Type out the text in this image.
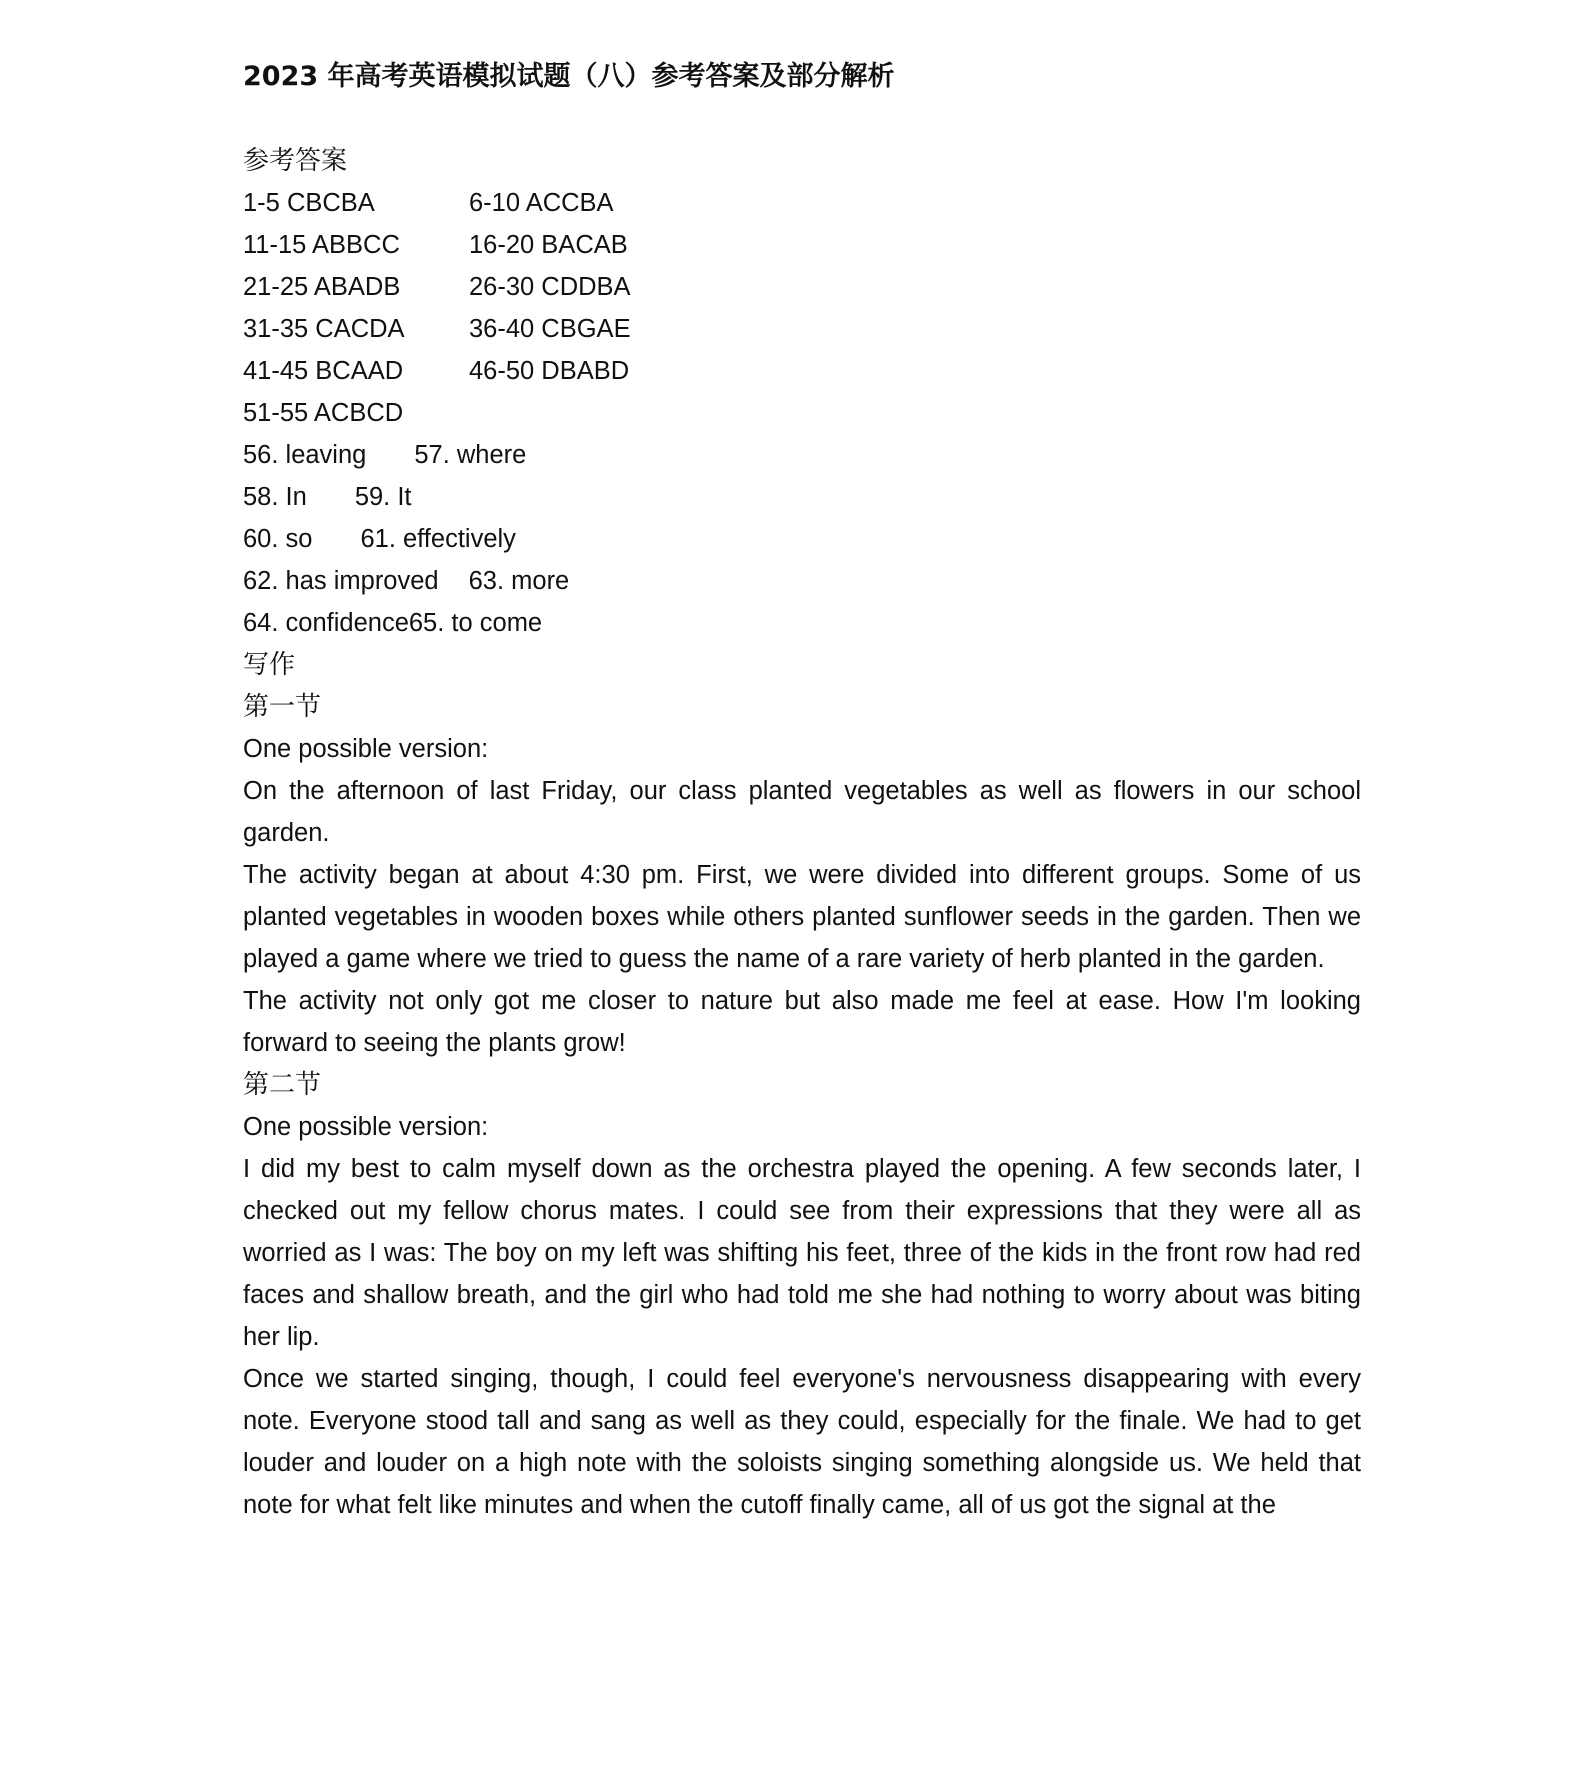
2023 年高考英语模拟试题（八）参考答案及部分解析
参考答案
1-5 CBCBA	6-10 ACCBA
11-15 ABBCC	16-20 BACAB
21-25 ABADB	26-30 CDDBA
31-35 CACDA	36-40 CBGAE
41-45 BCAAD	46-50 DBABD
51-55 ACBCD
56. leaving 57. where
58. In 59. It
60. so 61. effectively
62. has improved 63. more
64. confidence65. to come
写作
第一节
One possible version:

On the afternoon of last Friday, our class planted vegetables as well as flowers in our school garden.

The activity began at about 4:30 pm. First, we were divided into different groups. Some of us planted vegetables in wooden boxes while others planted sunflower seeds in the garden. Then we played a game where we tried to guess the name of a rare variety of herb planted in the garden.

The activity not only got me closer to nature but also made me feel at ease. How I'm looking forward to seeing the plants grow!

第二节
One possible version:

I did my best to calm myself down as the orchestra played the opening. A few seconds later, I checked out my fellow chorus mates. I could see from their expressions that they were all as worried as I was: The boy on my left was shifting his feet, three of the kids in the front row had red faces and shallow breath, and the girl who had told me she had nothing to worry about was biting her lip.

Once we started singing, though, I could feel everyone's nervousness disappearing with every note. Everyone stood tall and sang as well as they could, especially for the finale. We had to get louder and louder on a high note with the soloists singing something alongside us. We held that note for what felt like minutes and when the cutoff finally came, all of us got the signal at the
